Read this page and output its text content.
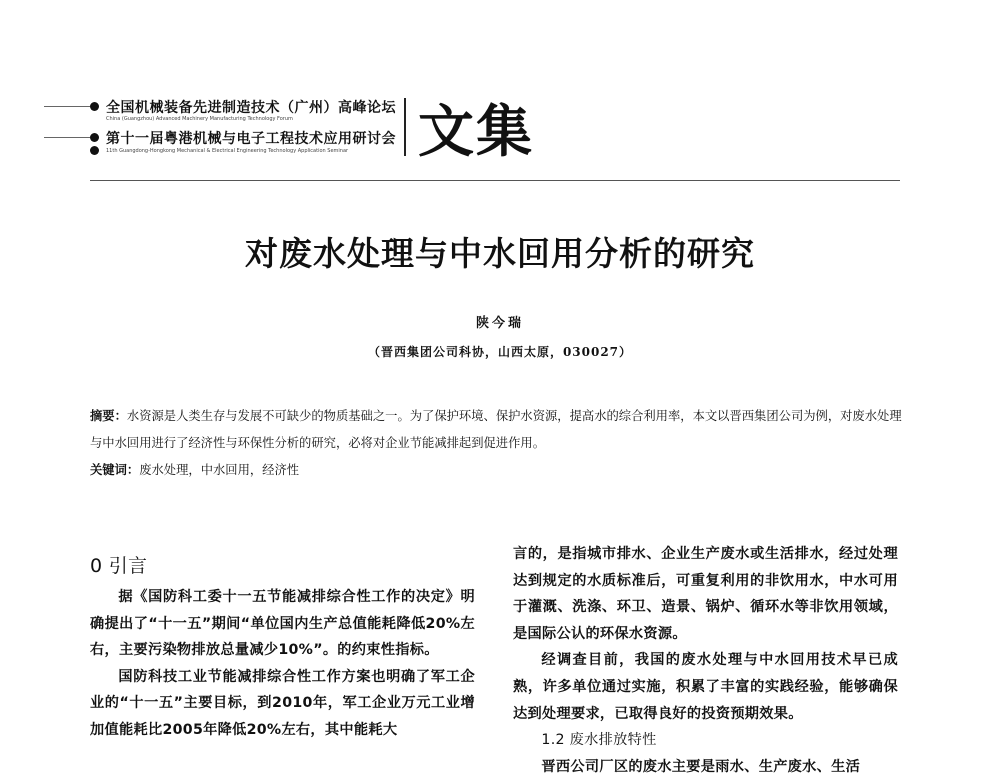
全国机械装备先进制造技术（广州）高峰论坛
China (Guangzhou) Advanced Machinery Manufacturing Technology Forum
第十一届粤港机械与电子工程技术应用研讨会
11th Guangdong-Hongkong Mechanical & Electrical Engineering Technology Application Seminar 文集
对废水处理与中水回用分析的研究
陕今瑞
（晋西集团公司科协，山西太原，030027）
摘要：水资源是人类生存与发展不可缺少的物质基础之一。为了保护环境、保护水资源，提高水的综合利用率，本文以晋西集团公司为例，对废水处理与中水回用进行了经济性与环保性分析的研究，必将对企业节能减排起到促进作用。
关键词：废水处理，中水回用，经济性

0 引言

据《国防科工委十一五节能减排综合性工作的决定》明确提出了“十一五”期间“单位国内生产总值能耗降低20%左右，主要污染物排放总量减少10%”。的约束性指标。

国防科技工业节能减排综合性工作方案也明确了军工企业的“十一五”主要目标，到2010年，军工企业万元工业增加值能耗比2005年降低20%左右，其中能耗大

言的，是指城市排水、企业生产废水或生活排水，经过处理达到规定的水质标准后，可重复利用的非饮用水，中水可用于灌溉、洗涤、环卫、造景、锅炉、循环水等非饮用领域，是国际公认的环保水资源。

经调查目前，我国的废水处理与中水回用技术早已成熟，许多单位通过实施，积累了丰富的实践经验，能够确保达到处理要求，已取得良好的投资预期效果。

1.2 废水排放特性

晋西公司厂区的废水主要是雨水、生产废水、生活
